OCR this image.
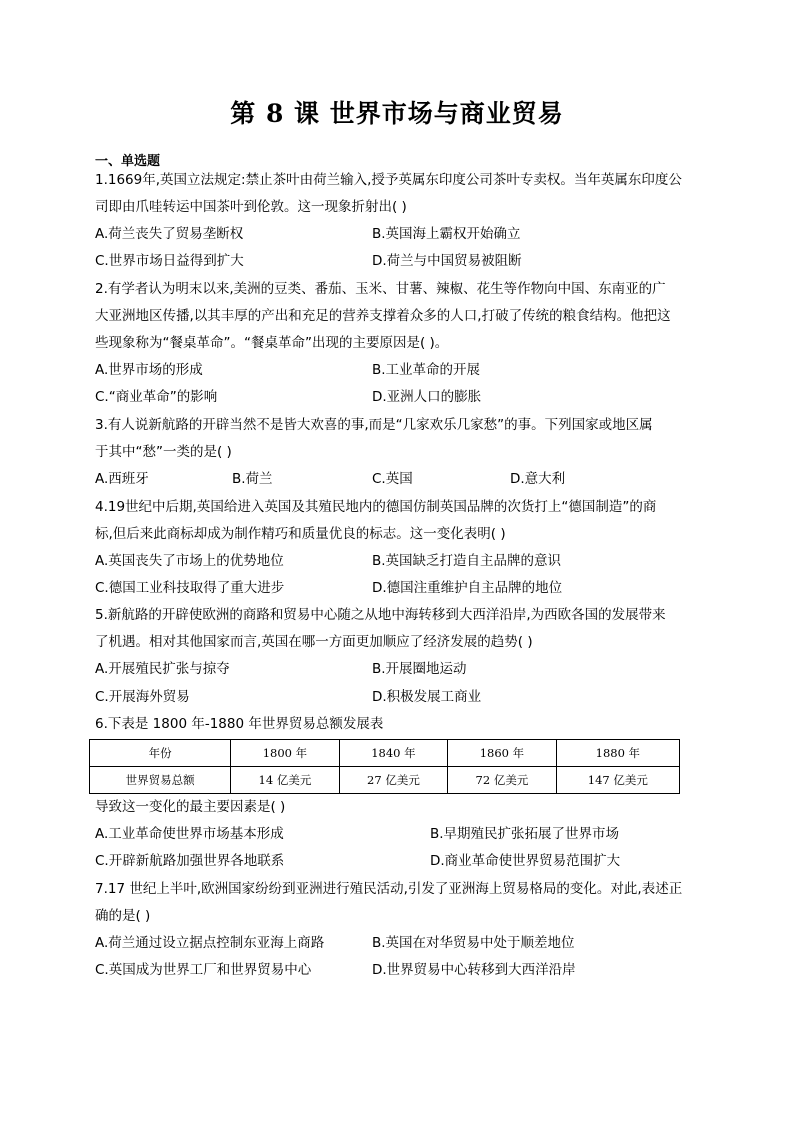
第 8 课 世界市场与商业贸易
一、单选题
1.1669年,英国立法规定:禁止茶叶由荷兰输入,授予英属东印度公司茶叶专卖权。当年英属东印度公
司即由爪哇转运中国茶叶到伦敦。这一现象折射出( )
A.荷兰丧失了贸易垄断权	B.英国海上霸权开始确立
C.世界市场日益得到扩大	D.荷兰与中国贸易被阻断
2.有学者认为明末以来,美洲的豆类、番茄、玉米、甘薯、辣椒、花生等作物向中国、东南亚的广
大亚洲地区传播,以其丰厚的产出和充足的营养支撑着众多的人口,打破了传统的粮食结构。他把这
些现象称为“餐桌革命”。“餐桌革命”出现的主要原因是( )。
A.世界市场的形成	B.工业革命的开展
C.“商业革命”的影响	D.亚洲人口的膨胀
3.有人说新航路的开辟当然不是皆大欢喜的事,而是“几家欢乐几家愁”的事。下列国家或地区属
于其中“愁”一类的是( )
A.西班牙	B.荷兰	C.英国	D.意大利
4.19世纪中后期,英国给进入英国及其殖民地内的德国仿制英国品牌的次货打上“德国制造”的商
标,但后来此商标却成为制作精巧和质量优良的标志。这一变化表明( )
A.英国丧失了市场上的优势地位	B.英国缺乏打造自主品牌的意识
C.德国工业科技取得了重大进步	D.德国注重维护自主品牌的地位
5.新航路的开辟使欧洲的商路和贸易中心随之从地中海转移到大西洋沿岸,为西欧各国的发展带来
了机遇。相对其他国家而言,英国在哪一方面更加顺应了经济发展的趋势( )
A.开展殖民扩张与掠夺	B.开展圈地运动
C.开展海外贸易	D.积极发展工商业
6.下表是 1800 年-1880 年世界贸易总额发展表
年份	1800 年	1840 年	1860 年	1880 年
世界贸易总额	14 亿美元	27 亿美元	72 亿美元	147 亿美元
导致这一变化的最主要因素是( )
A.工业革命使世界市场基本形成	B.早期殖民扩张拓展了世界市场
C.开辟新航路加强世界各地联系	D.商业革命使世界贸易范围扩大
7.17 世纪上半叶,欧洲国家纷纷到亚洲进行殖民活动,引发了亚洲海上贸易格局的变化。对此,表述正
确的是( )
A.荷兰通过设立据点控制东亚海上商路	B.英国在对华贸易中处于顺差地位
C.英国成为世界工厂和世界贸易中心	D.世界贸易中心转移到大西洋沿岸
